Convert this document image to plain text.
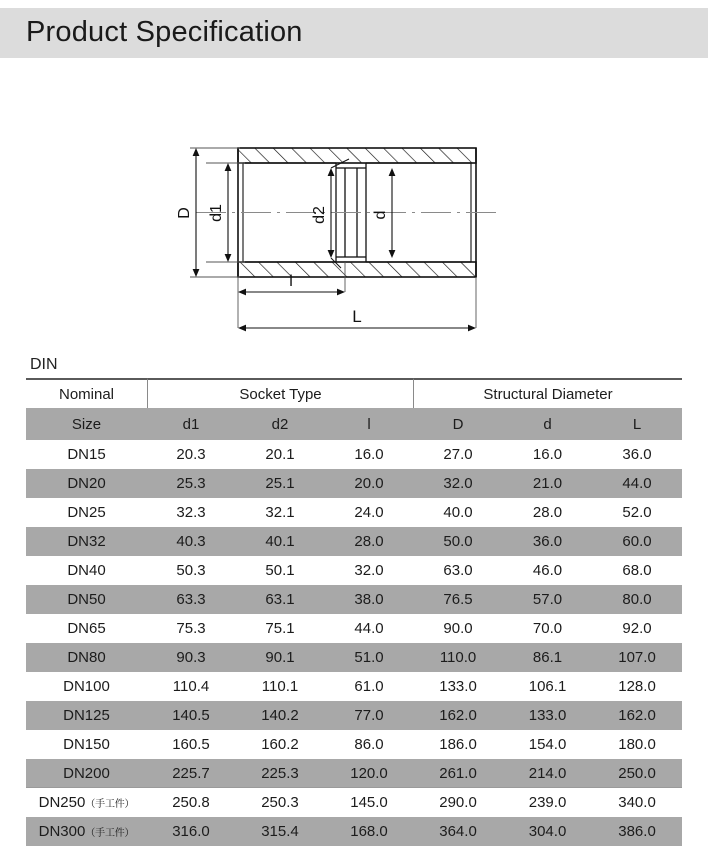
Product Specification
D d1	d2	d
l
L
DIN
Nominal	Socket Type			Structural Diameter		
Size	d1	d2	l	D	d	L
DN15	20.3	20.1	16.0	27.0	16.0	36.0
DN20	25.3	25.1	20.0	32.0	21.0	44.0
DN25	32.3	32.1	24.0	40.0	28.0	52.0
DN32	40.3	40.1	28.0	50.0	36.0	60.0
DN40	50.3	50.1	32.0	63.0	46.0	68.0
DN50	63.3	63.1	38.0	76.5	57.0	80.0
DN65	75.3	75.1	44.0	90.0	70.0	92.0
DN80	90.3	90.1	51.0	110.0	86.1	107.0
DN100	110.4	110.1	61.0	133.0	106.1	128.0
DN125	140.5	140.2	77.0	162.0	133.0	162.0
DN150	160.5	160.2	86.0	186.0	154.0	180.0
DN200	225.7	225.3	120.0	261.0	214.0	250.0
DN250（手工件）	250.8	250.3	145.0	290.0	239.0	340.0
DN300（手工件）	316.0	315.4	168.0	364.0	304.0	386.0
